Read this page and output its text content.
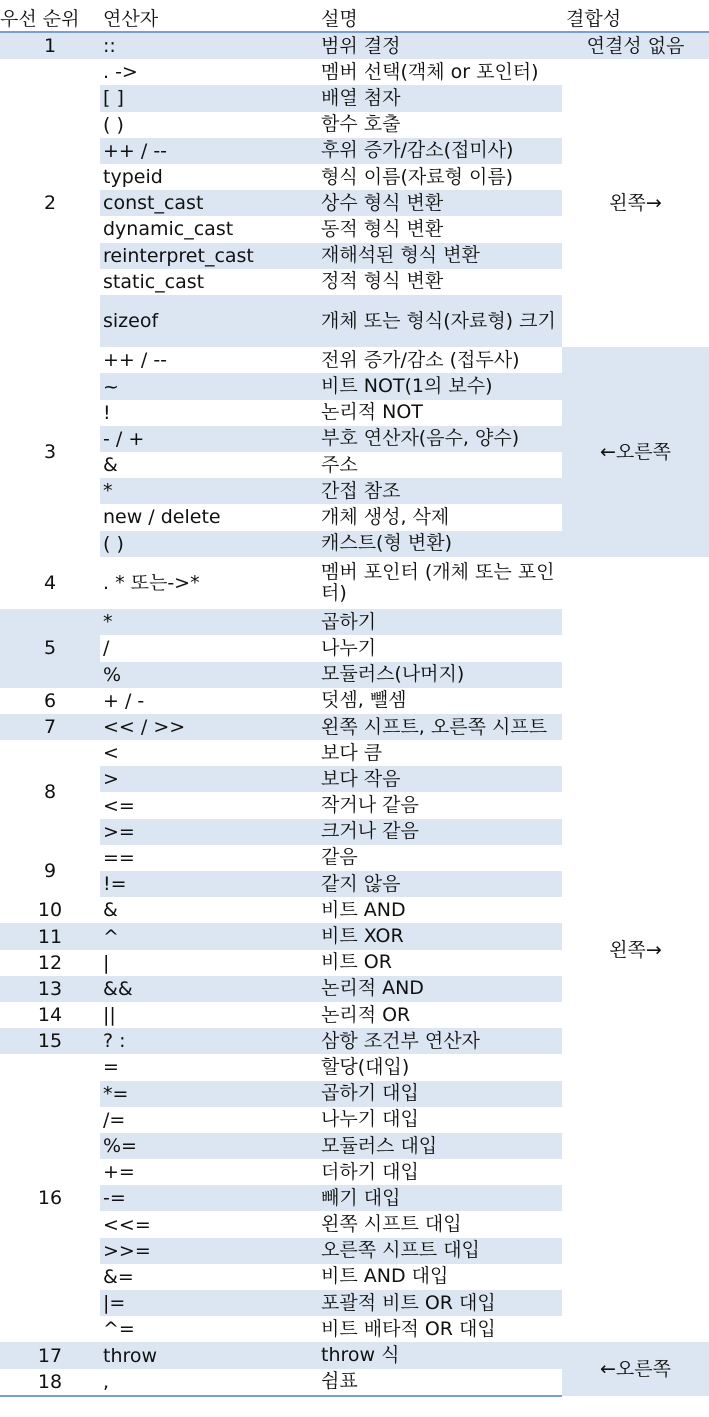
우선 순위	연산자	설명	결합성
1	::	범위 결정	연결성 없음
2	. ->	멤버 선택(객체 or 포인터)	왼쪽→
	[ ]	배열 첨자	
	( )	함수 호출	
	++ / --	후위 증가/감소(접미사)	
	typeid	형식 이름(자료형 이름)	
	const_cast	상수 형식 변환	
	dynamic_cast	동적 형식 변환	
	reinterpret_cast	재해석된 형식 변환	
	static_cast	정적 형식 변환	
	sizeof	개체 또는 형식(자료형) 크기	
3	++ / --	전위 증가/감소 (접두사)	←오른쪽
	~	비트 NOT(1의 보수)	
	!	논리적 NOT	
	- / +	부호 연산자(음수, 양수)	
	&	주소	
	*	간접 참조	
	new / delete	개체 생성, 삭제	
	( )	캐스트(형 변환)	
4	. * 또는->*	멤버 포인터 (개체 또는 포인터)	왼쪽→
5	*	곱하기	
	/	나누기	
	%	모듈러스(나머지)	
6	+ / -	덧셈, 뺄셈	
7	<< / >>	왼쪽 시프트, 오른쪽 시프트	
8	<	보다 큼	
	>	보다 작음	
	<=	작거나 같음	
	>=	크거나 같음	
9	==	같음	
	!=	같지 않음	
10	&	비트 AND	
11	^	비트 XOR	
12	|	비트 OR	
13	&&	논리적 AND	
14	||	논리적 OR	
15	? :	삼항 조건부 연산자	
16	=	할당(대입)	
	*=	곱하기 대입	
	/=	나누기 대입	
	%=	모듈러스 대입	
	+=	더하기 대입	
	-=	빼기 대입	
	<<=	왼쪽 시프트 대입	
	>>=	오른쪽 시프트 대입	
	&=	비트 AND 대입	
	|=	포괄적 비트 OR 대입	
	^=	비트 배타적 OR 대입	
17	throw	throw 식	←오른쪽
18	,	쉼표	
